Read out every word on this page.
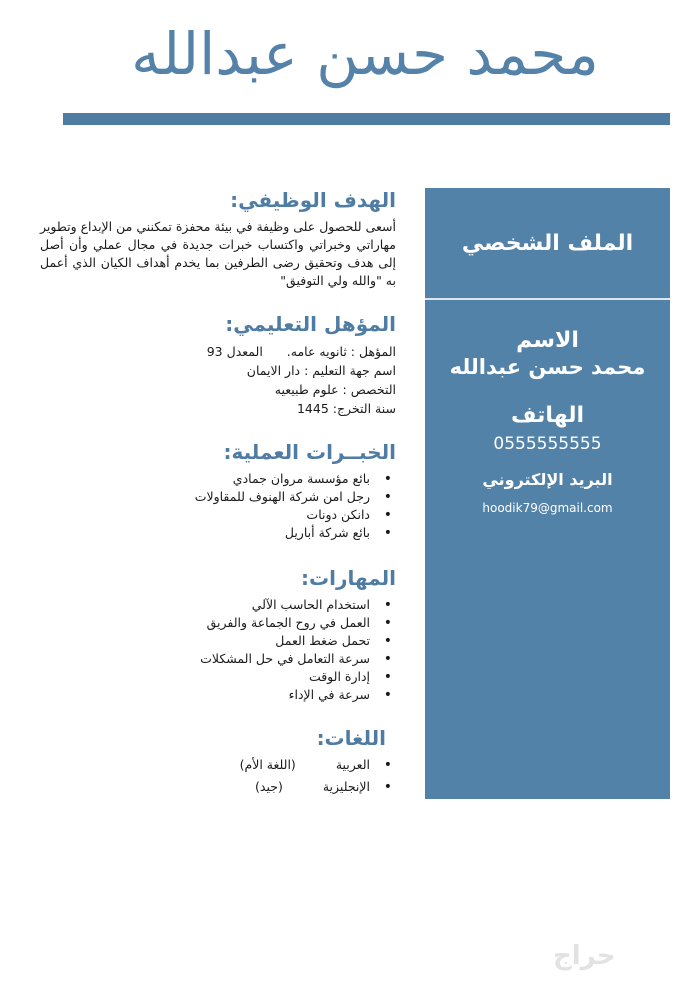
محمد حسن عبدالله
الملف الشخصي
الاسم
محمد حسن عبدالله
الهاتف
0555555555
البريد الإلكتروني
hoodik79@gmail.com
الهدف الوظيفي:

أسعى للحصول على وظيفة في بيئة محفزة تمكنني من الإبداع وتطوير مهاراتي وخبراتي واكتساب خبرات جديدة في مجال عملي وأن أصل إلى هدف وتحقيق رضى الطرفين بما يخدم أهداف الكيان الذي أعمل به "والله ولي التوفيق"

المؤهل التعليمي:
المؤهل : ثانويه عامه.
المعدل 93
اسم جهة التعليم : دار الايمان
التخصص : علوم طبيعيه
سنة التخرج: 1445
الخبــرات العملية:
• بائع مؤسسة مروان جمادي
• رجل امن شركة الهنوف للمقاولات
• دانكن دونات
• بائع شركة أباريل
المهارات:
• استخدام الحاسب الآلي
• العمل في روح الجماعة والفريق
• تحمل ضغط العمل
• سرعة التعامل في حل المشكلات
• إدارة الوقت
• سرعة في الإداء
اللغات:
• العربية
(اللغة الأم)
• الإنجليزية
(جيد)
حراج
